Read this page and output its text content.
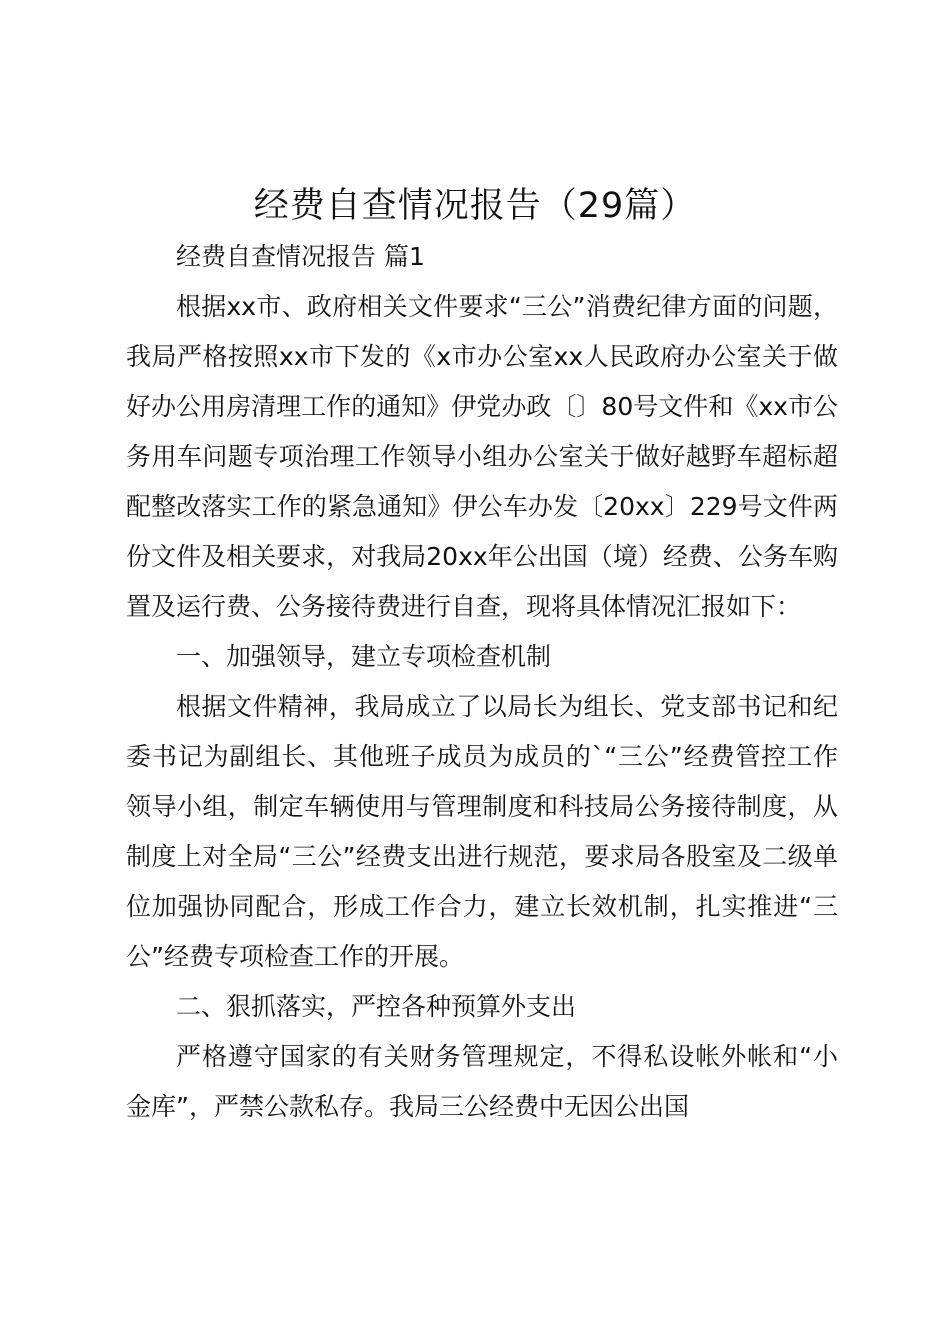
经费自查情况报告（29篇）

经费自查情况报告 篇1

根据xx市、政府相关文件要求“三公”消费纪律方面的问题，我局严格按照xx市下发的《x市办公室xx人民政府办公室关于做好办公用房清理工作的通知》伊党办政〔〕80号文件和《xx市公务用车问题专项治理工作领导小组办公室关于做好越野车超标超配整改落实工作的紧急通知》伊公车办发〔20xx〕229号文件两份文件及相关要求，对我局20xx年公出国（境）经费、公务车购置及运行费、公务接待费进行自查，现将具体情况汇报如下：

一、加强领导，建立专项检查机制

根据文件精神，我局成立了以局长为组长、党支部书记和纪委书记为副组长、其他班子成员为成员的`“三公”经费管控工作领导小组，制定车辆使用与管理制度和科技局公务接待制度，从制度上对全局“三公”经费支出进行规范，要求局各股室及二级单位加强协同配合，形成工作合力，建立长效机制，扎实推进“三公”经费专项检查工作的开展。

二、狠抓落实，严控各种预算外支出

严格遵守国家的有关财务管理规定，不得私设帐外帐和“小金库”，严禁公款私存。我局三公经费中无因公出国
